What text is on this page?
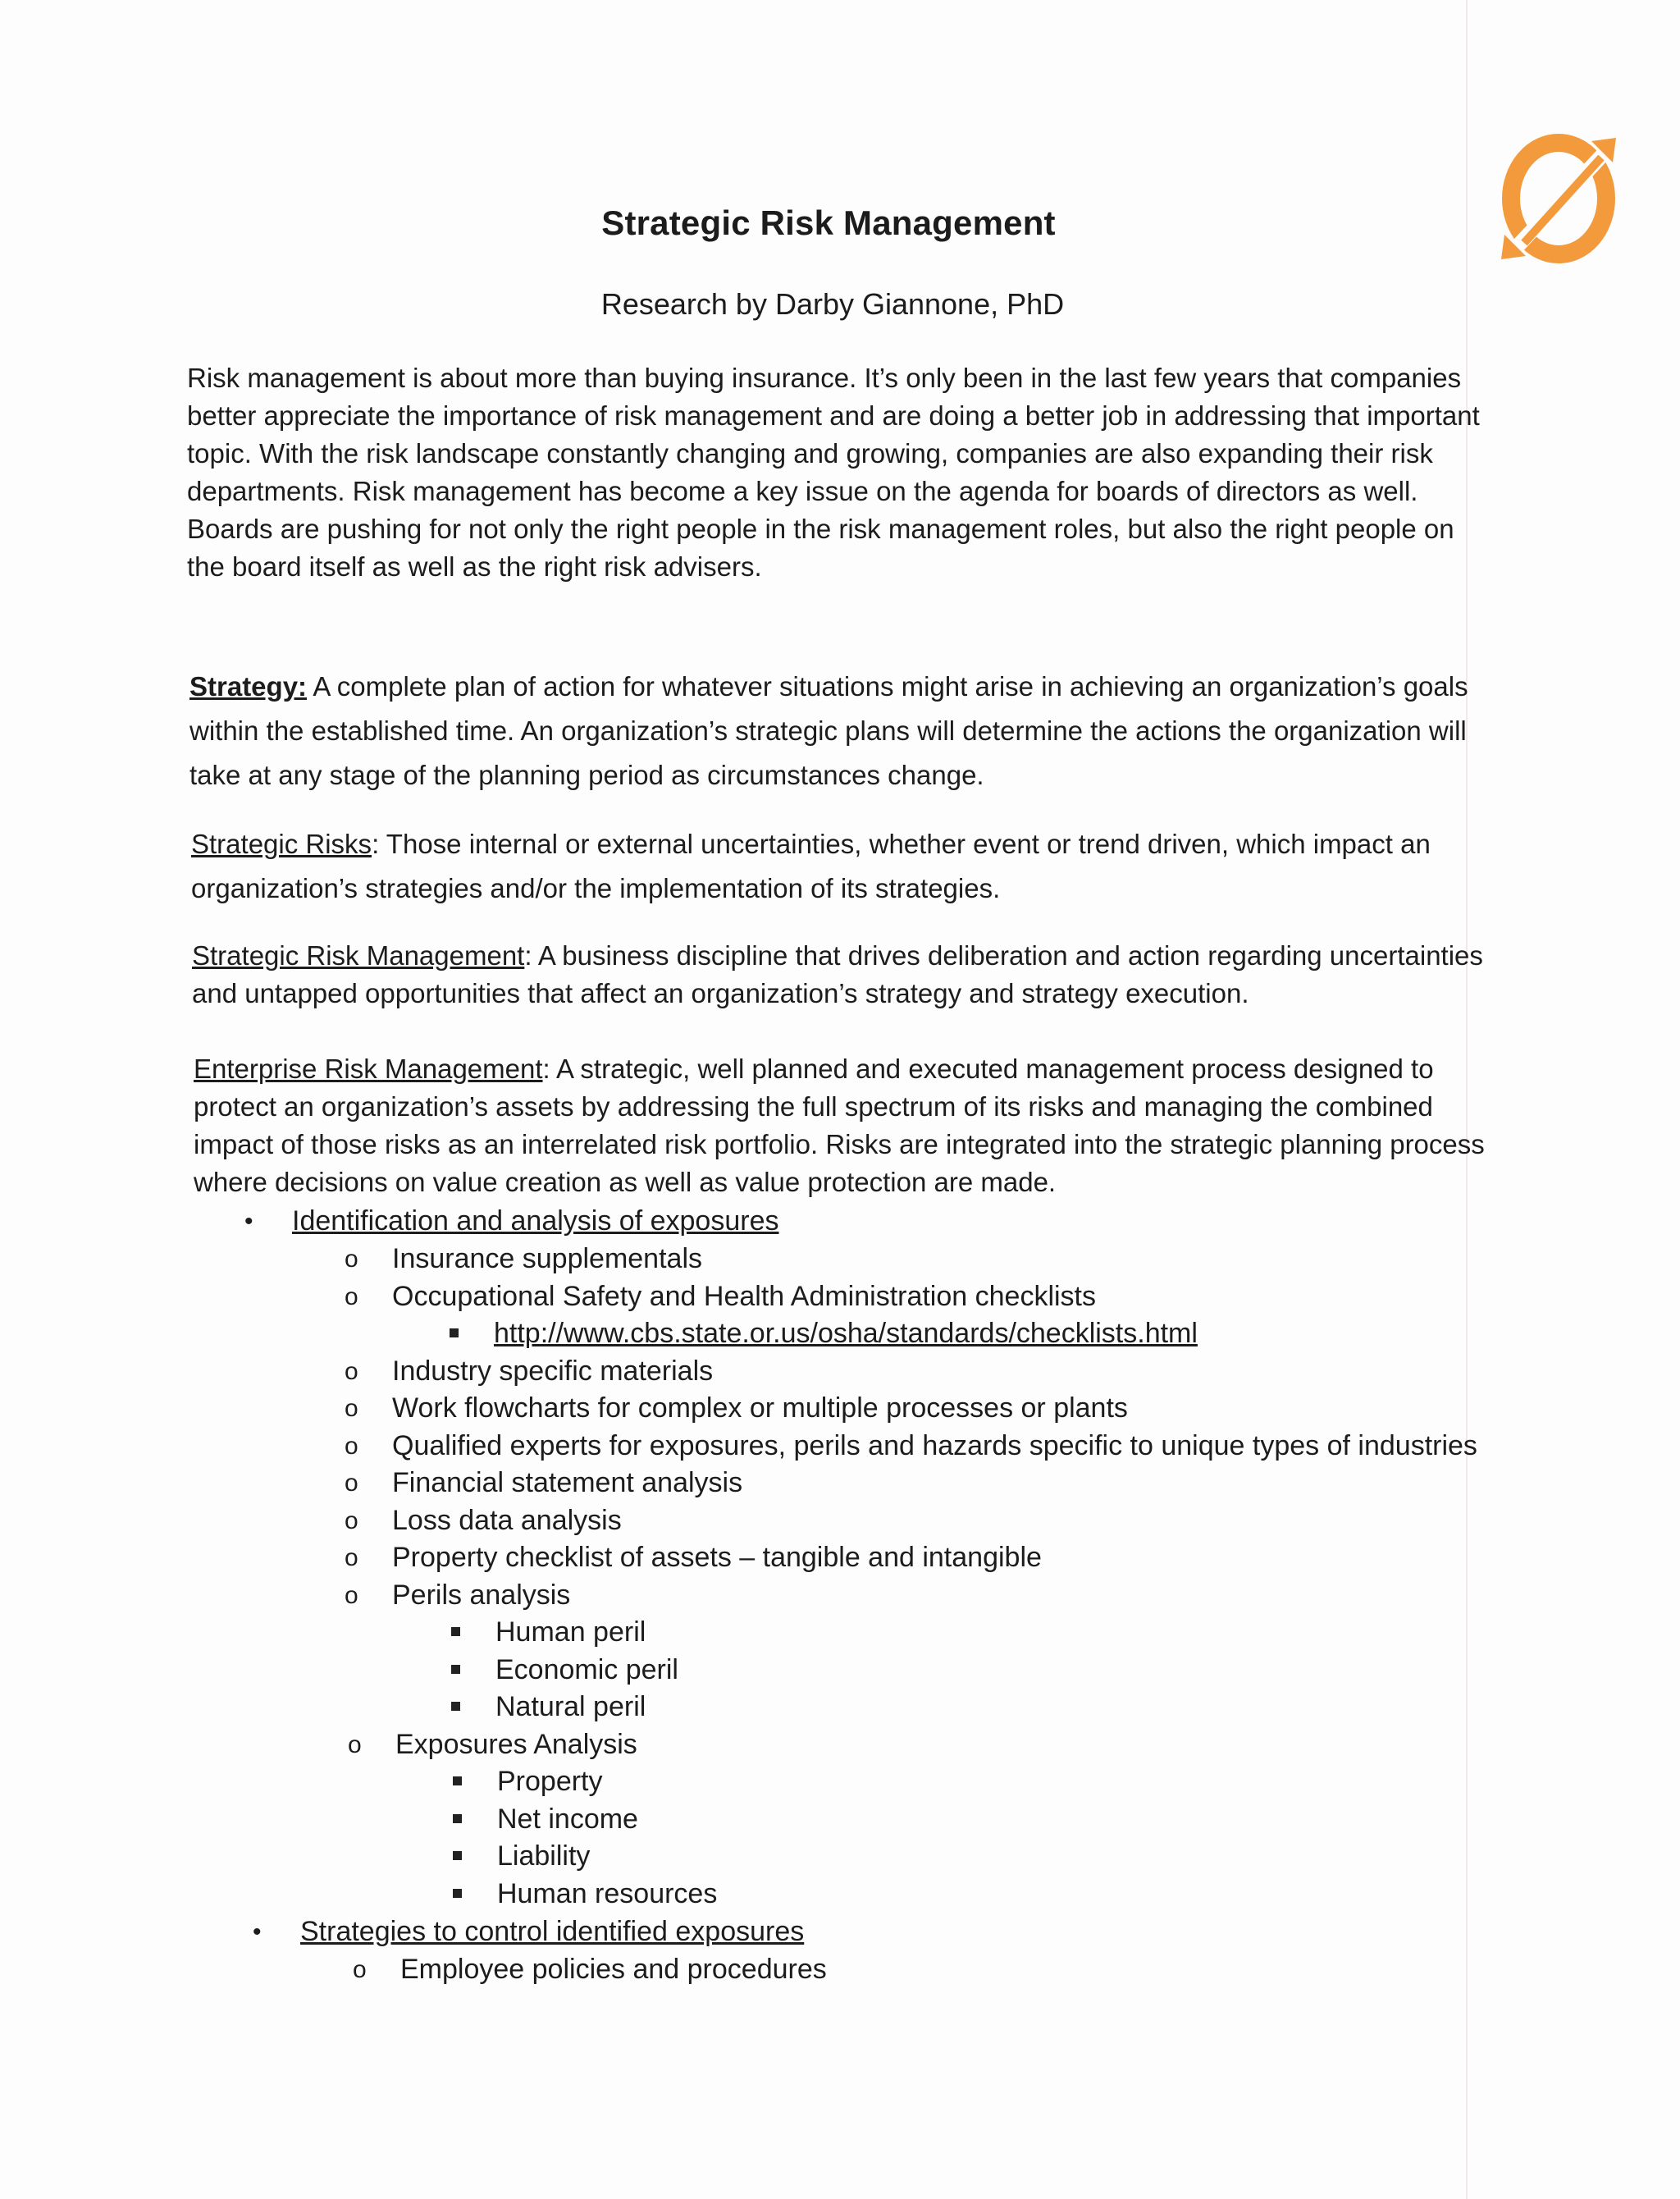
Strategic Risk Management
Research by Darby Giannone, PhD
Risk management is about more than buying insurance. It’s only been in the last few years that companies better appreciate the importance of risk management and are doing a better job in addressing that important topic. With the risk landscape constantly changing and growing, companies are also expanding their risk departments. Risk management has become a key issue on the agenda for boards of directors as well. Boards are pushing for not only the right people in the risk management roles, but also the right people on the board itself as well as the right risk advisers.
Strategy: A complete plan of action for whatever situations might arise in achieving an organization’s goals within the established time. An organization’s strategic plans will determine the actions the organization will take at any stage of the planning period as circumstances change.
Strategic Risks: Those internal or external uncertainties, whether event or trend driven, which impact an organization’s strategies and/or the implementation of its strategies.
Strategic Risk Management: A business discipline that drives deliberation and action regarding uncertainties and untapped opportunities that affect an organization’s strategy and strategy execution.
Enterprise Risk Management: A strategic, well planned and executed management process designed to protect an organization’s assets by addressing the full spectrum of its risks and managing the combined impact of those risks as an interrelated risk portfolio. Risks are integrated into the strategic planning process where decisions on value creation as well as value protection are made.
• Identification and analysis of exposures
o Insurance supplementals
o Occupational Safety and Health Administration checklists
http://www.cbs.state.or.us/osha/standards/checklists.html
o Industry specific materials
o Work flowcharts for complex or multiple processes or plants
o Qualified experts for exposures, perils and hazards specific to unique types of industries
o Financial statement analysis
o Loss data analysis
o Property checklist of assets – tangible and intangible
o Perils analysis
Human peril
Economic peril
Natural peril
o Exposures Analysis
Property
Net income
Liability
Human resources
• Strategies to control identified exposures
o Employee policies and procedures
